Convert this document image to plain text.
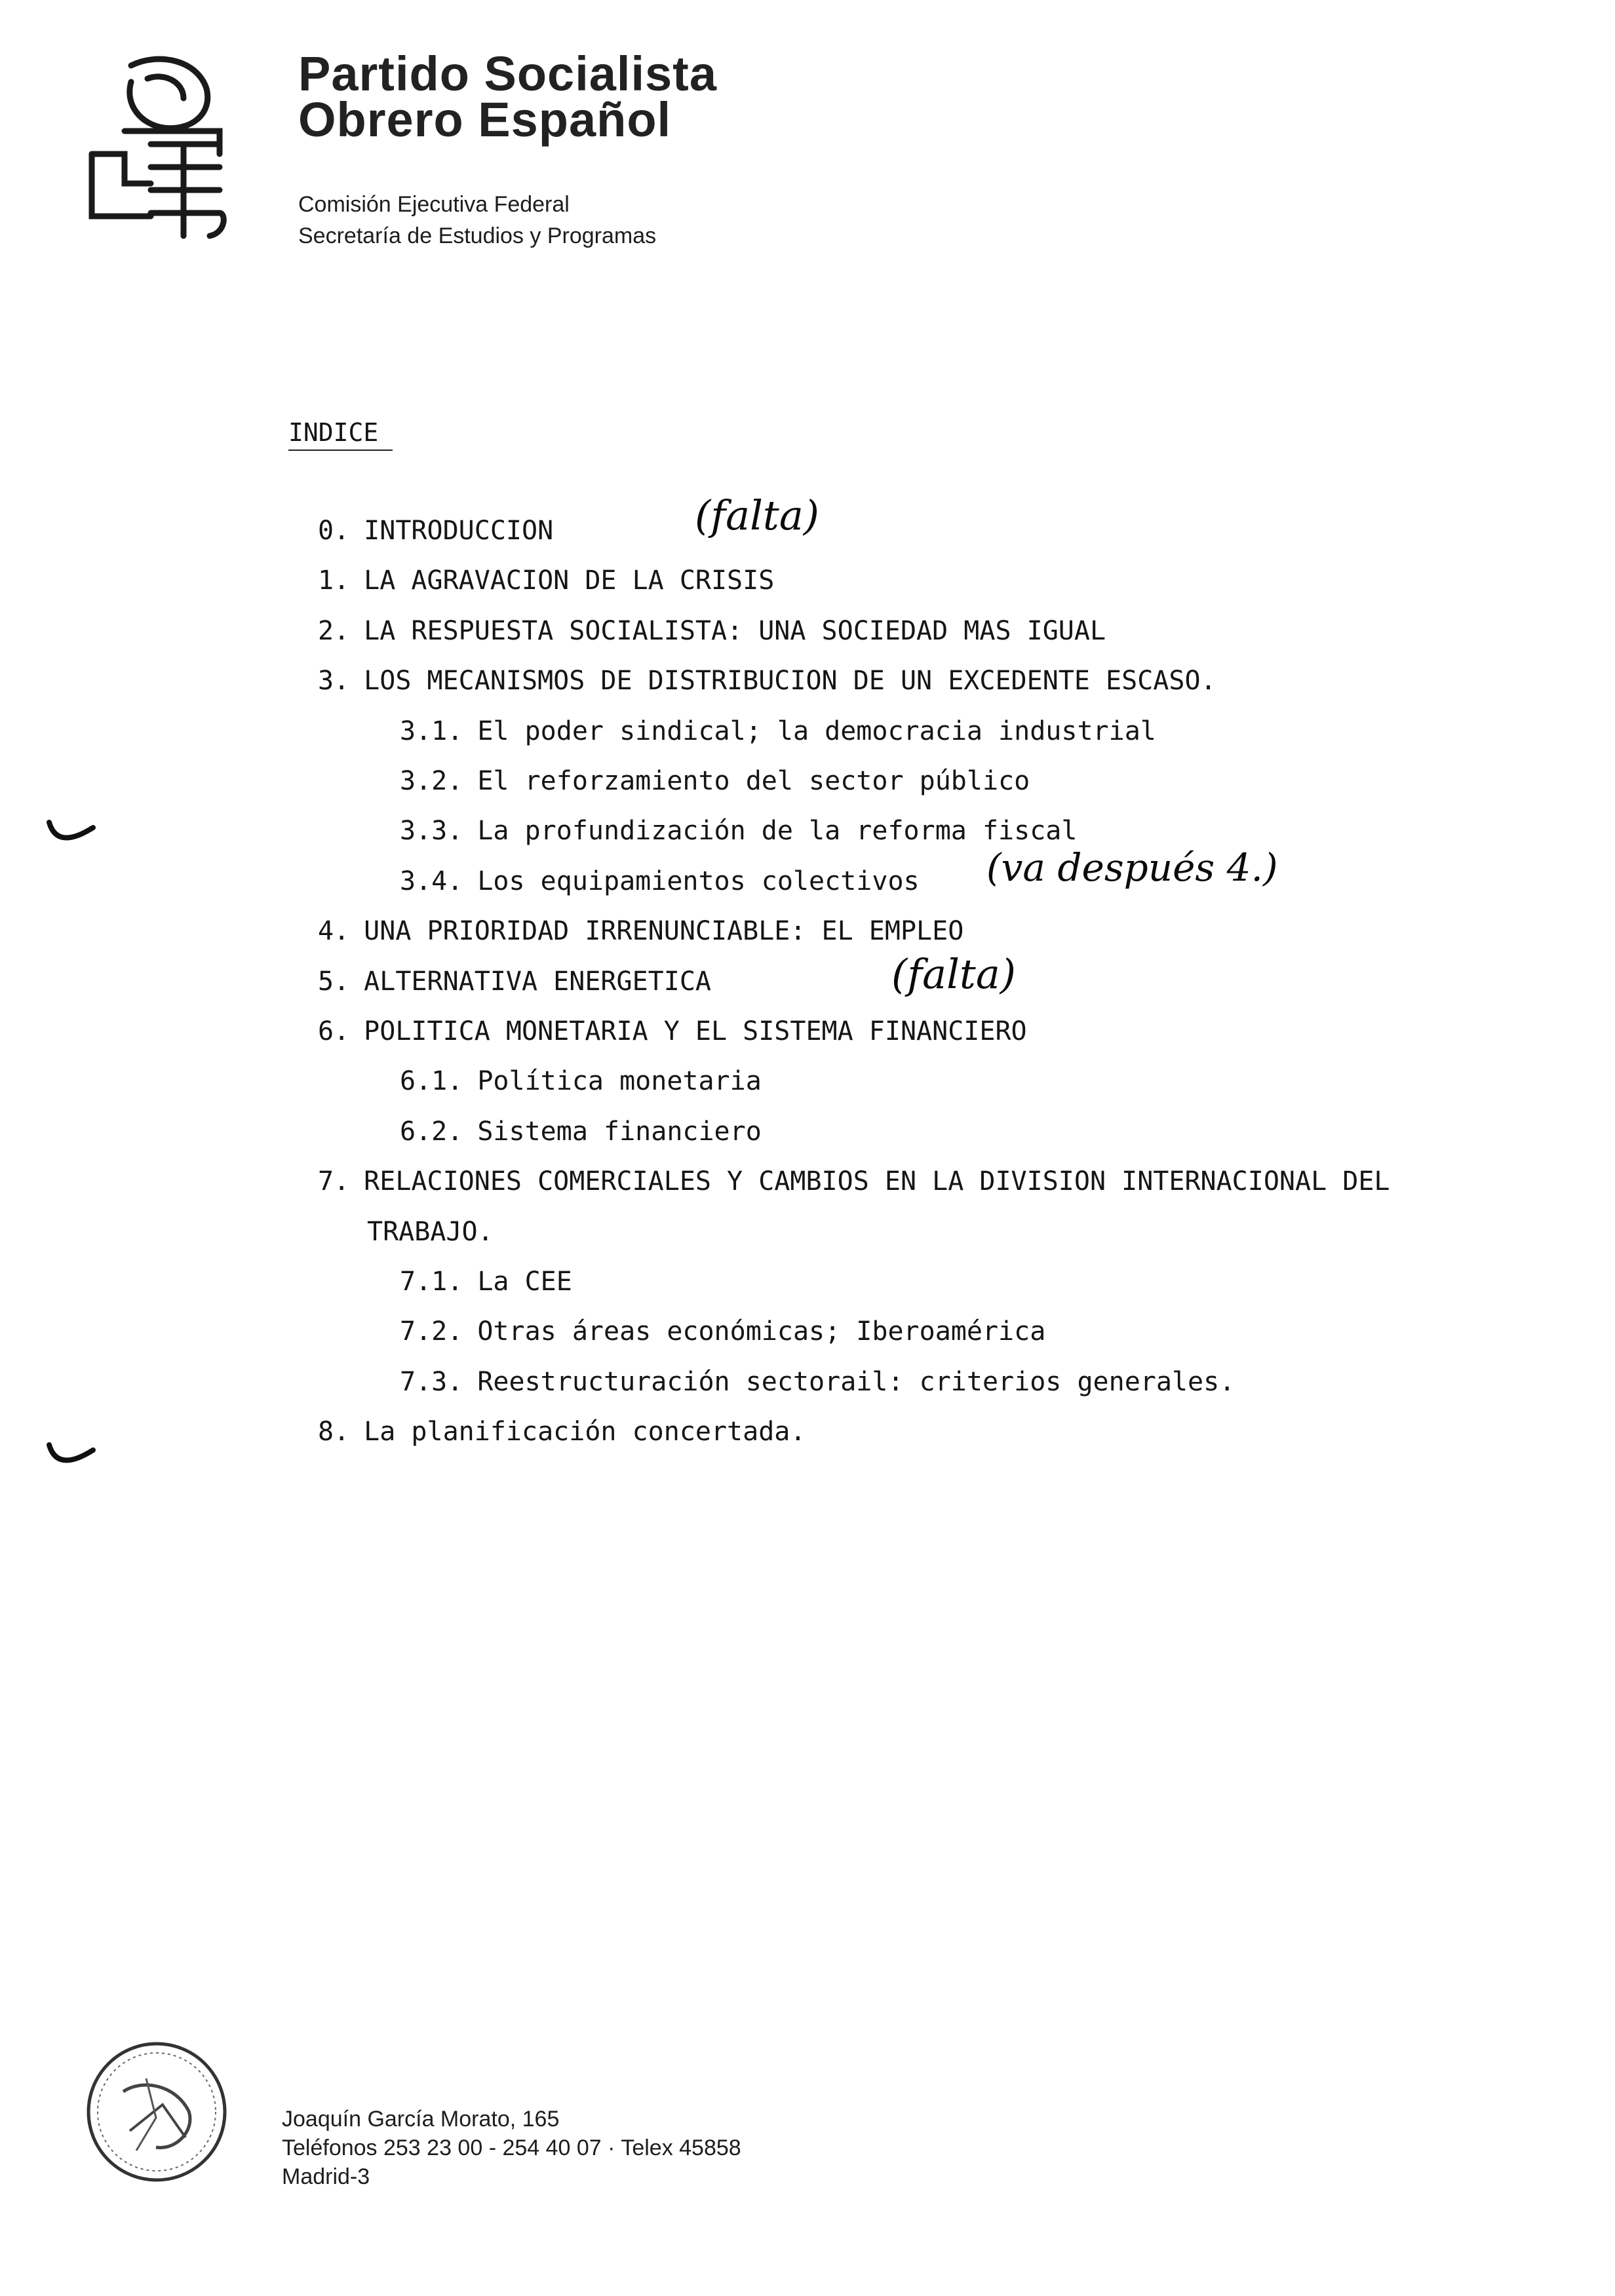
Partido Socialista
Obrero Español
Comisión Ejecutiva Federal
Secretaría de Estudios y Programas
INDICE
0. INTRODUCCION
1. LA AGRAVACION DE LA CRISIS
2. LA RESPUESTA SOCIALISTA: UNA SOCIEDAD MAS IGUAL
3. LOS MECANISMOS DE DISTRIBUCION DE UN EXCEDENTE ESCASO.
3.1. El poder sindical; la democracia industrial
3.2. El reforzamiento del sector público
3.3. La profundización de la reforma fiscal
3.4. Los equipamientos colectivos
4. UNA PRIORIDAD IRRENUNCIABLE: EL EMPLEO
5. ALTERNATIVA ENERGETICA
6. POLITICA MONETARIA Y EL SISTEMA FINANCIERO
6.1. Política monetaria
6.2. Sistema financiero
7. RELACIONES COMERCIALES Y CAMBIOS EN LA DIVISION INTERNACIONAL DEL
TRABAJO.
7.1. La CEE
7.2. Otras áreas económicas; Iberoamérica
7.3. Reestructuración sectorail: criterios generales.
8. La planificación concertada.
(falta)
(va después 4.)
(falta)
Joaquín García Morato, 165
Teléfonos 253 23 00 - 254 40 07 · Telex 45858
Madrid-3
